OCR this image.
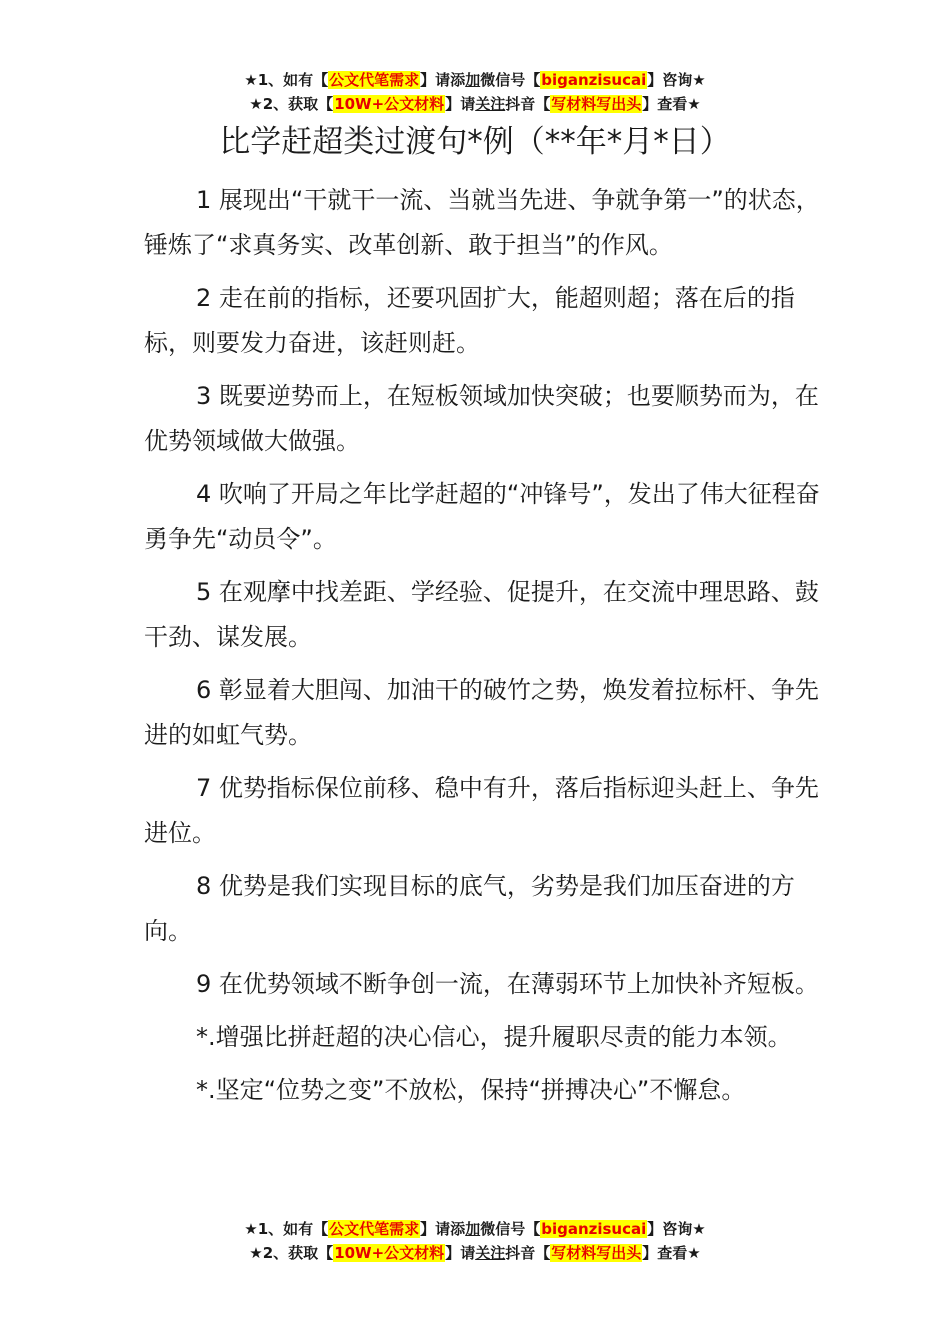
★1、如有【公文代笔需求】请添加微信号【biganzisucai】咨询★
★2、获取【10W+公文材料】请关注抖音【写材料写出头】查看★
比学赶超类过渡句*例（**年*月*日）

1 展现出“干就干一流、当就当先进、争就争第一”的状态，锤炼了“求真务实、改革创新、敢于担当”的作风。

2 走在前的指标，还要巩固扩大，能超则超；落在后的指标，则要发力奋进，该赶则赶。

3 既要逆势而上，在短板领域加快突破；也要顺势而为，在优势领域做大做强。

4 吹响了开局之年比学赶超的“冲锋号”，发出了伟大征程奋勇争先“动员令”。

5 在观摩中找差距、学经验、促提升，在交流中理思路、鼓干劲、谋发展。

6 彰显着大胆闯、加油干的破竹之势，焕发着拉标杆、争先进的如虹气势。

7 优势指标保位前移、稳中有升，落后指标迎头赶上、争先进位。

8 优势是我们实现目标的底气，劣势是我们加压奋进的方向。

9 在优势领域不断争创一流，在薄弱环节上加快补齐短板。

*.增强比拼赶超的决心信心，提升履职尽责的能力本领。

*.坚定“位势之变”不放松，保持“拼搏决心”不懈怠。

★1、如有【公文代笔需求】请添加微信号【biganzisucai】咨询★
★2、获取【10W+公文材料】请关注抖音【写材料写出头】查看★
